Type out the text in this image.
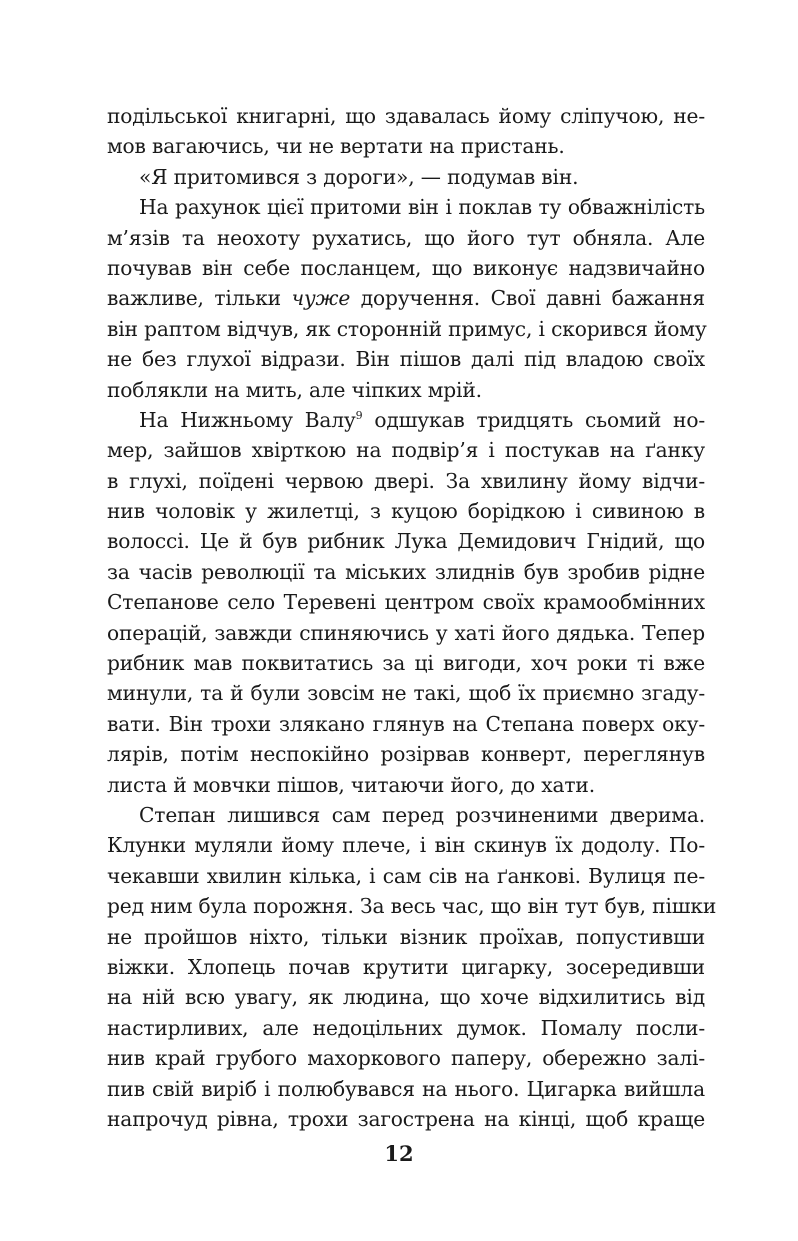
подільської книгарні, що здавалась йому сліпучою, не-
мов вагаючись, чи не вертати на пристань.
«Я притомився з дороги», — подумав він.
На рахунок цієї притоми він і поклав ту обважнілість
м’язів та неохоту рухатись, що його тут обняла. Але
почував він себе посланцем, що виконує надзвичайно
важливе, тільки чуже доручення. Свої давні бажання
він раптом відчув, як сторонній примус, і скорився йому
не без глухої відрази. Він пішов далі під владою своїх
поблякли на мить, але чіпких мрій.
На Нижньому Валу$^9$ одшукав тридцять сьомий но-
мер, зайшов хвірткою на подвір’я і постукав на ґанку
в глухі, поїдені червою двері. За хвилину йому відчи-
нив чоловік у жилетці, з куцою борідкою і сивиною в
волоссі. Це й був рибник Лука Демидович Гнідий, що
за часів революції та міських злиднів був зробив рідне
Степанове село Теревені центром своїх крамообмінних
операцій, завжди спиняючись у хаті його дядька. Тепер
рибник мав поквитатись за ці вигоди, хоч роки ті вже
минули, та й були зовсім не такі, щоб їх приємно згаду-
вати. Він трохи злякано глянув на Степана поверх оку-
лярів, потім неспокійно розірвав конверт, переглянув
листа й мовчки пішов, читаючи його, до хати.
Степан лишився сам перед розчиненими дверима.
Клунки муляли йому плече, і він скинув їх додолу. По-
чекавши хвилин кілька, і сам сів на ґанкові. Вулиця пе-
ред ним була порожня. За весь час, що він тут був, пішки
не пройшов ніхто, тільки візник проїхав, попустивши
віжки. Хлопець почав крутити цигарку, зосередивши
на ній всю увагу, як людина, що хоче відхилитись від
настирливих, але недоцільних думок. Помалу посли-
нив край грубого махоркового паперу, обережно залі-
пив свій виріб і полюбувався на нього. Цигарка вийшла
напрочуд рівна, трохи загострена на кінці, щоб краще
12
